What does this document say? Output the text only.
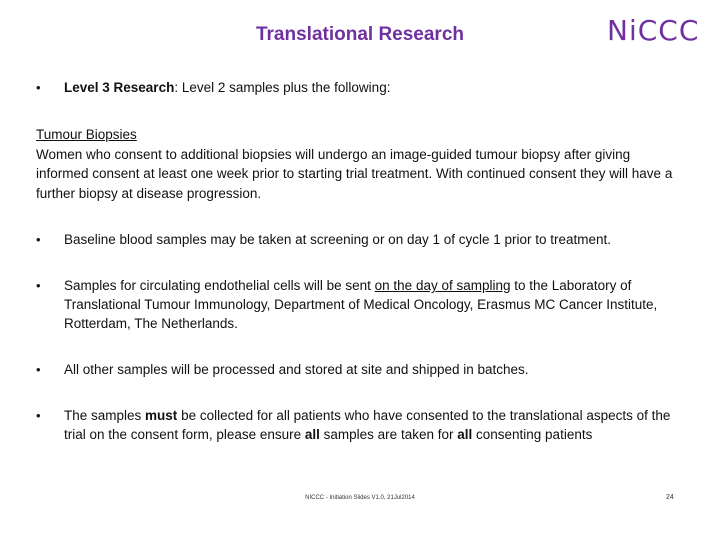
Translational Research	NiCCC
•	Level 3 Research: Level 2 samples plus the following:
Tumour Biopsies
Women who consent to additional biopsies will undergo an image-guided tumour biopsy after giving informed consent at least one week prior to starting trial treatment. With continued consent they will have a further biopsy at disease progression.
•	Baseline blood samples may be taken at screening or on day 1 of cycle 1 prior to treatment.
•	Samples for circulating endothelial cells will be sent on the day of sampling to the Laboratory of Translational Tumour Immunology, Department of Medical Oncology, Erasmus MC Cancer Institute, Rotterdam, The Netherlands.
•	All other samples will be processed and stored at site and shipped in batches.
•	The samples must be collected for all patients who have consented to the translational aspects of the trial on the consent form, please ensure all samples are taken for all consenting patients
NICCC - Initiation Slides V1.0, 21Jul2014	24
